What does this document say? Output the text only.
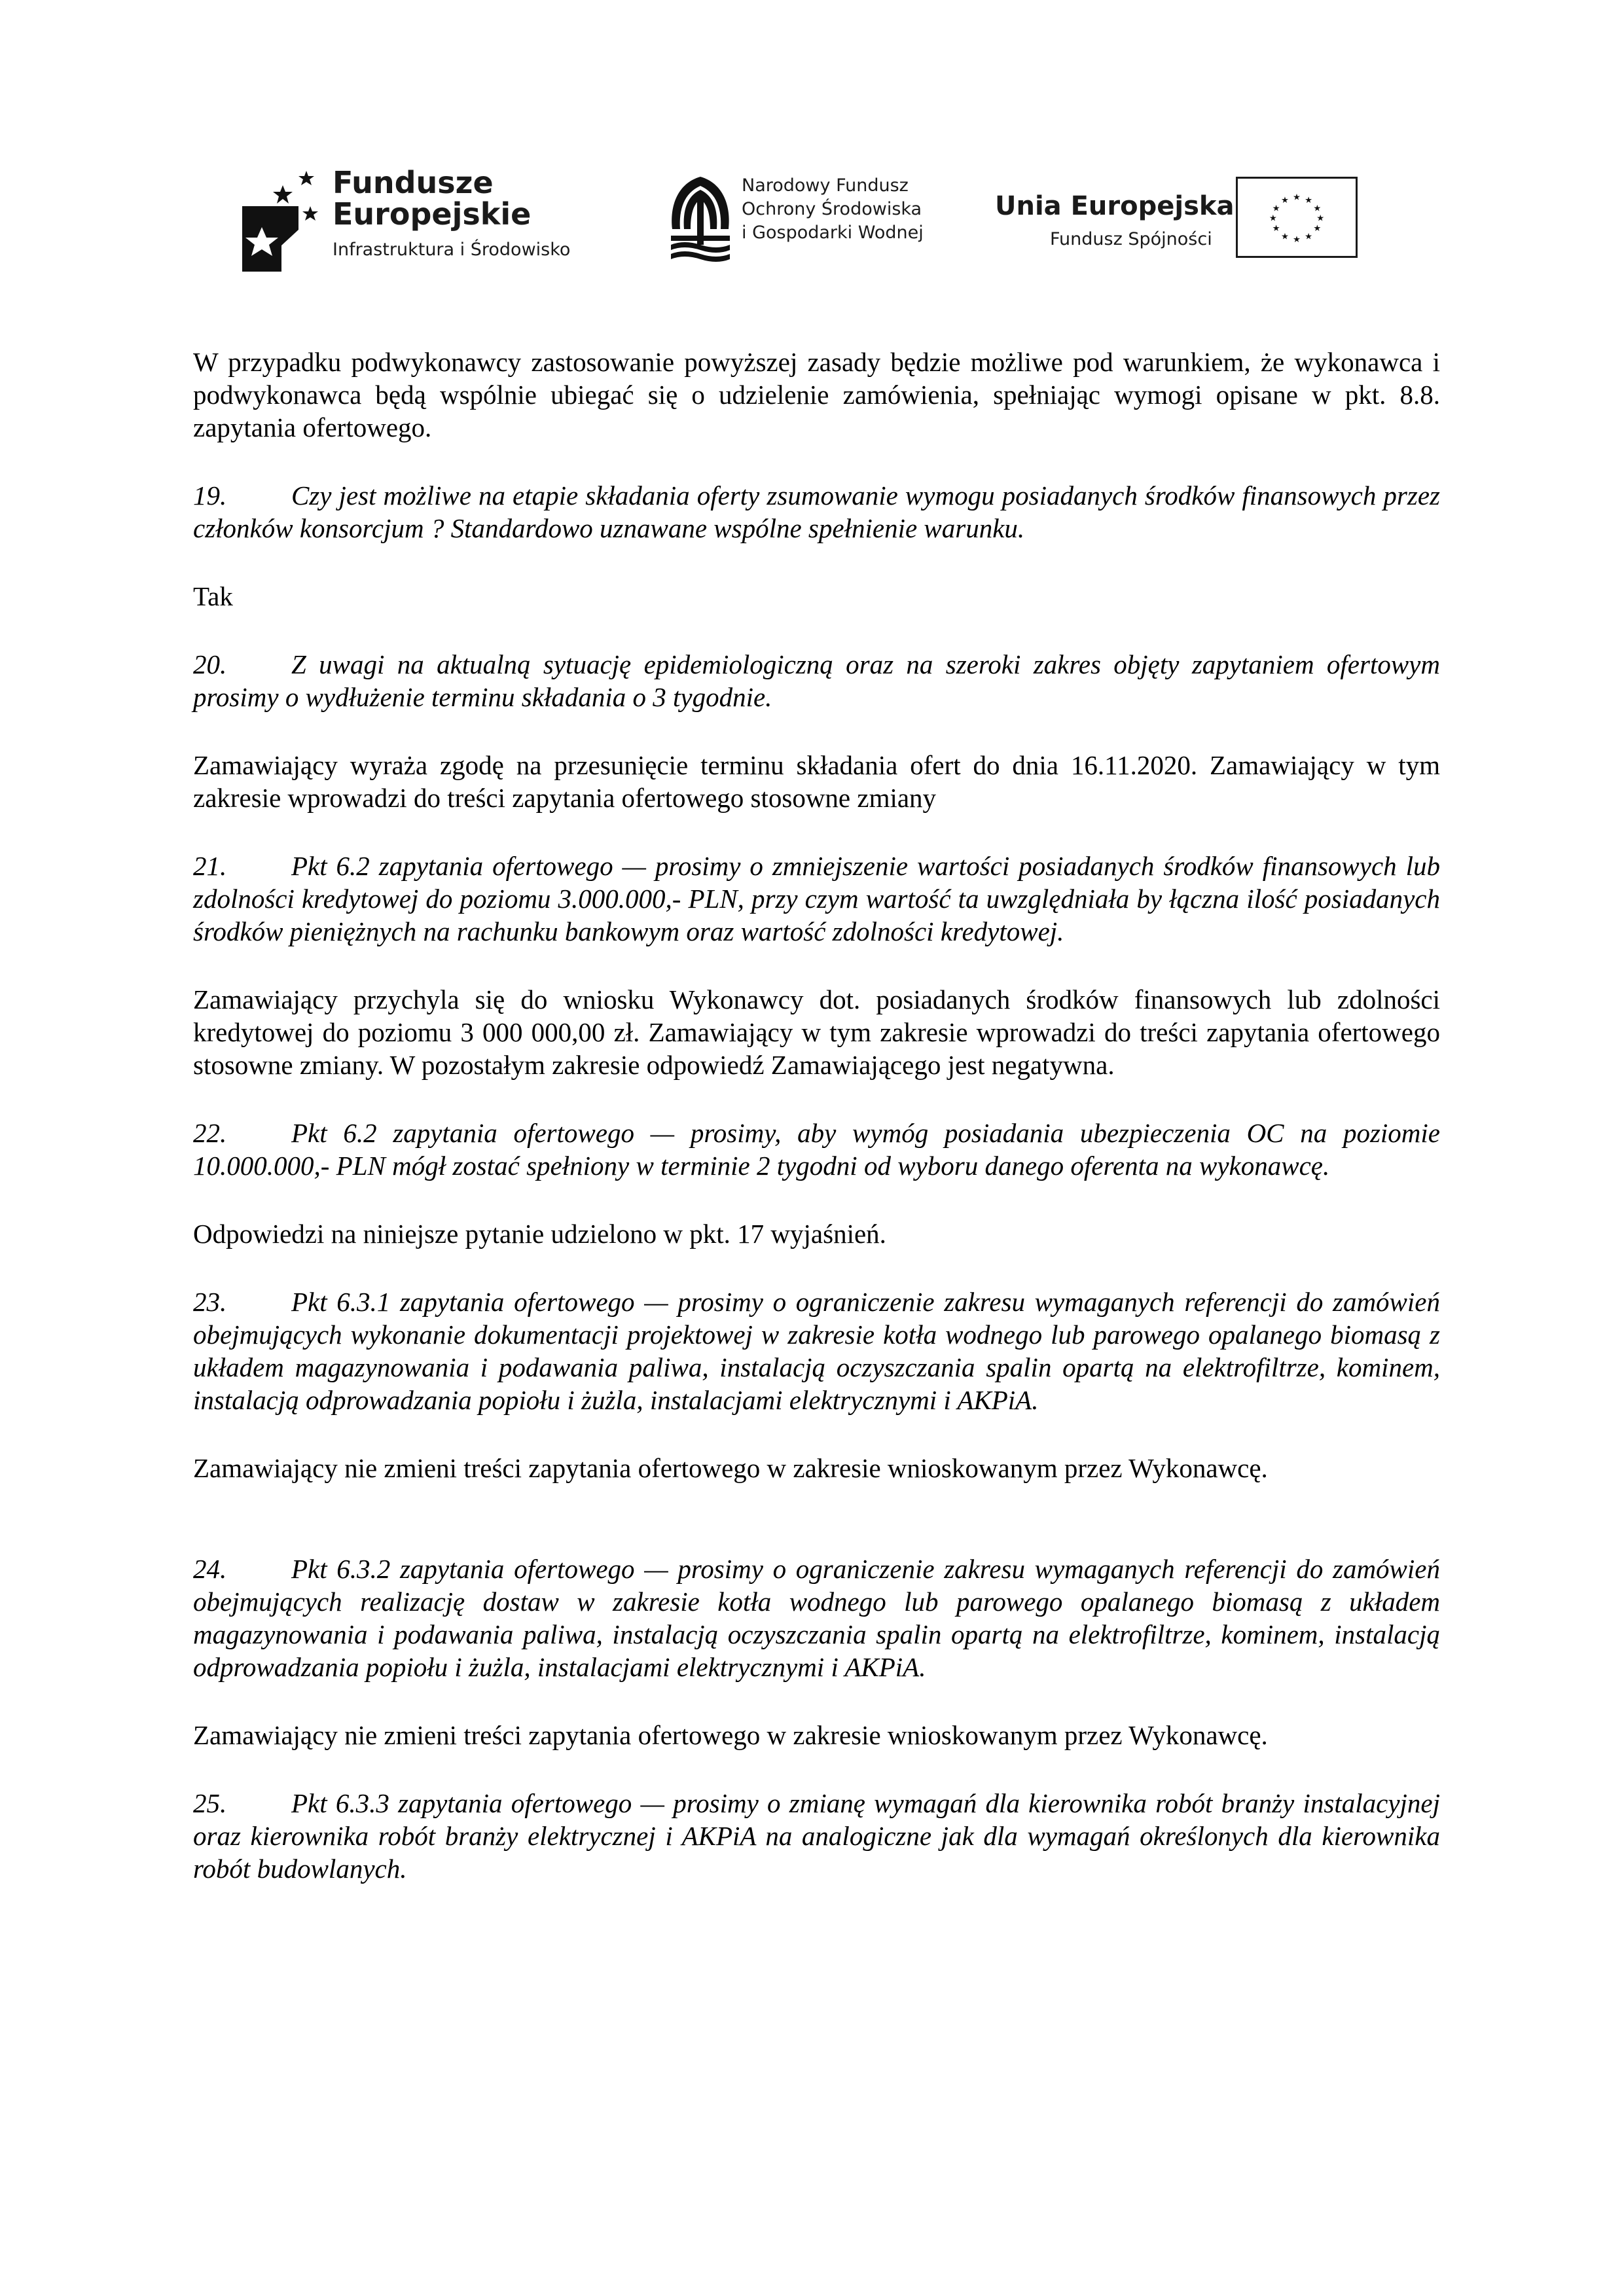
Fundusze
Europejskie
Infrastruktura i Środowisko
Narodowy Fundusz
Ochrony Środowiska
i Gospodarki Wodnej
Unia Europejska
Fundusz Spójności
★ ★
★
★
★
★
★
★
★
★
★
★

W przypadku podwykonawcy zastosowanie powyższej zasady będzie możliwe pod warunkiem, że wykonawca i podwykonawca będą wspólnie ubiegać się o udzielenie zamówienia, spełniając wymogi opisane w pkt. 8.8. zapytania ofertowego.

19. Czy jest możliwe na etapie składania oferty zsumowanie wymogu posiadanych środków finansowych przez członków konsorcjum ? Standardowo uznawane wspólne spełnienie warunku.

Tak

20. Z uwagi na aktualną sytuację epidemiologiczną oraz na szeroki zakres objęty zapytaniem ofertowym prosimy o wydłużenie terminu składania o 3 tygodnie.

Zamawiający wyraża zgodę na przesunięcie terminu składania ofert do dnia 16.11.2020. Zamawiający w tym zakresie wprowadzi do treści zapytania ofertowego stosowne zmiany

21. Pkt 6.2 zapytania ofertowego — prosimy o zmniejszenie wartości posiadanych środków finansowych lub zdolności kredytowej do poziomu 3.000.000,- PLN, przy czym wartość ta uwzględniała by łączna ilość posiadanych środków pieniężnych na rachunku bankowym oraz wartość zdolności kredytowej.

Zamawiający przychyla się do wniosku Wykonawcy dot. posiadanych środków finansowych lub zdolności kredytowej do poziomu 3 000 000,00 zł. Zamawiający w tym zakresie wprowadzi do treści zapytania ofertowego stosowne zmiany. W pozostałym zakresie odpowiedź Zamawiającego jest negatywna.

22. Pkt 6.2 zapytania ofertowego — prosimy, aby wymóg posiadania ubezpieczenia OC na poziomie 10.000.000,- PLN mógł zostać spełniony w terminie 2 tygodni od wyboru danego oferenta na wykonawcę.

Odpowiedzi na niniejsze pytanie udzielono w pkt. 17 wyjaśnień.

23. Pkt 6.3.1 zapytania ofertowego — prosimy o ograniczenie zakresu wymaganych referencji do zamówień obejmujących wykonanie dokumentacji projektowej w zakresie kotła wodnego lub parowego opalanego biomasą z układem magazynowania i podawania paliwa, instalacją oczyszczania spalin opartą na elektrofiltrze, kominem, instalacją odprowadzania popiołu i żużla, instalacjami elektrycznymi i AKPiA.

Zamawiający nie zmieni treści zapytania ofertowego w zakresie wnioskowanym przez Wykonawcę.

24. Pkt 6.3.2 zapytania ofertowego — prosimy o ograniczenie zakresu wymaganych referencji do zamówień obejmujących realizację dostaw w zakresie kotła wodnego lub parowego opalanego biomasą z układem magazynowania i podawania paliwa, instalacją oczyszczania spalin opartą na elektrofiltrze, kominem, instalacją odprowadzania popiołu i żużla, instalacjami elektrycznymi i AKPiA.

Zamawiający nie zmieni treści zapytania ofertowego w zakresie wnioskowanym przez Wykonawcę.

25. Pkt 6.3.3 zapytania ofertowego — prosimy o zmianę wymagań dla kierownika robót branży instalacyjnej oraz kierownika robót branży elektrycznej i AKPiA na analogiczne jak dla wymagań określonych dla kierownika robót budowlanych.
